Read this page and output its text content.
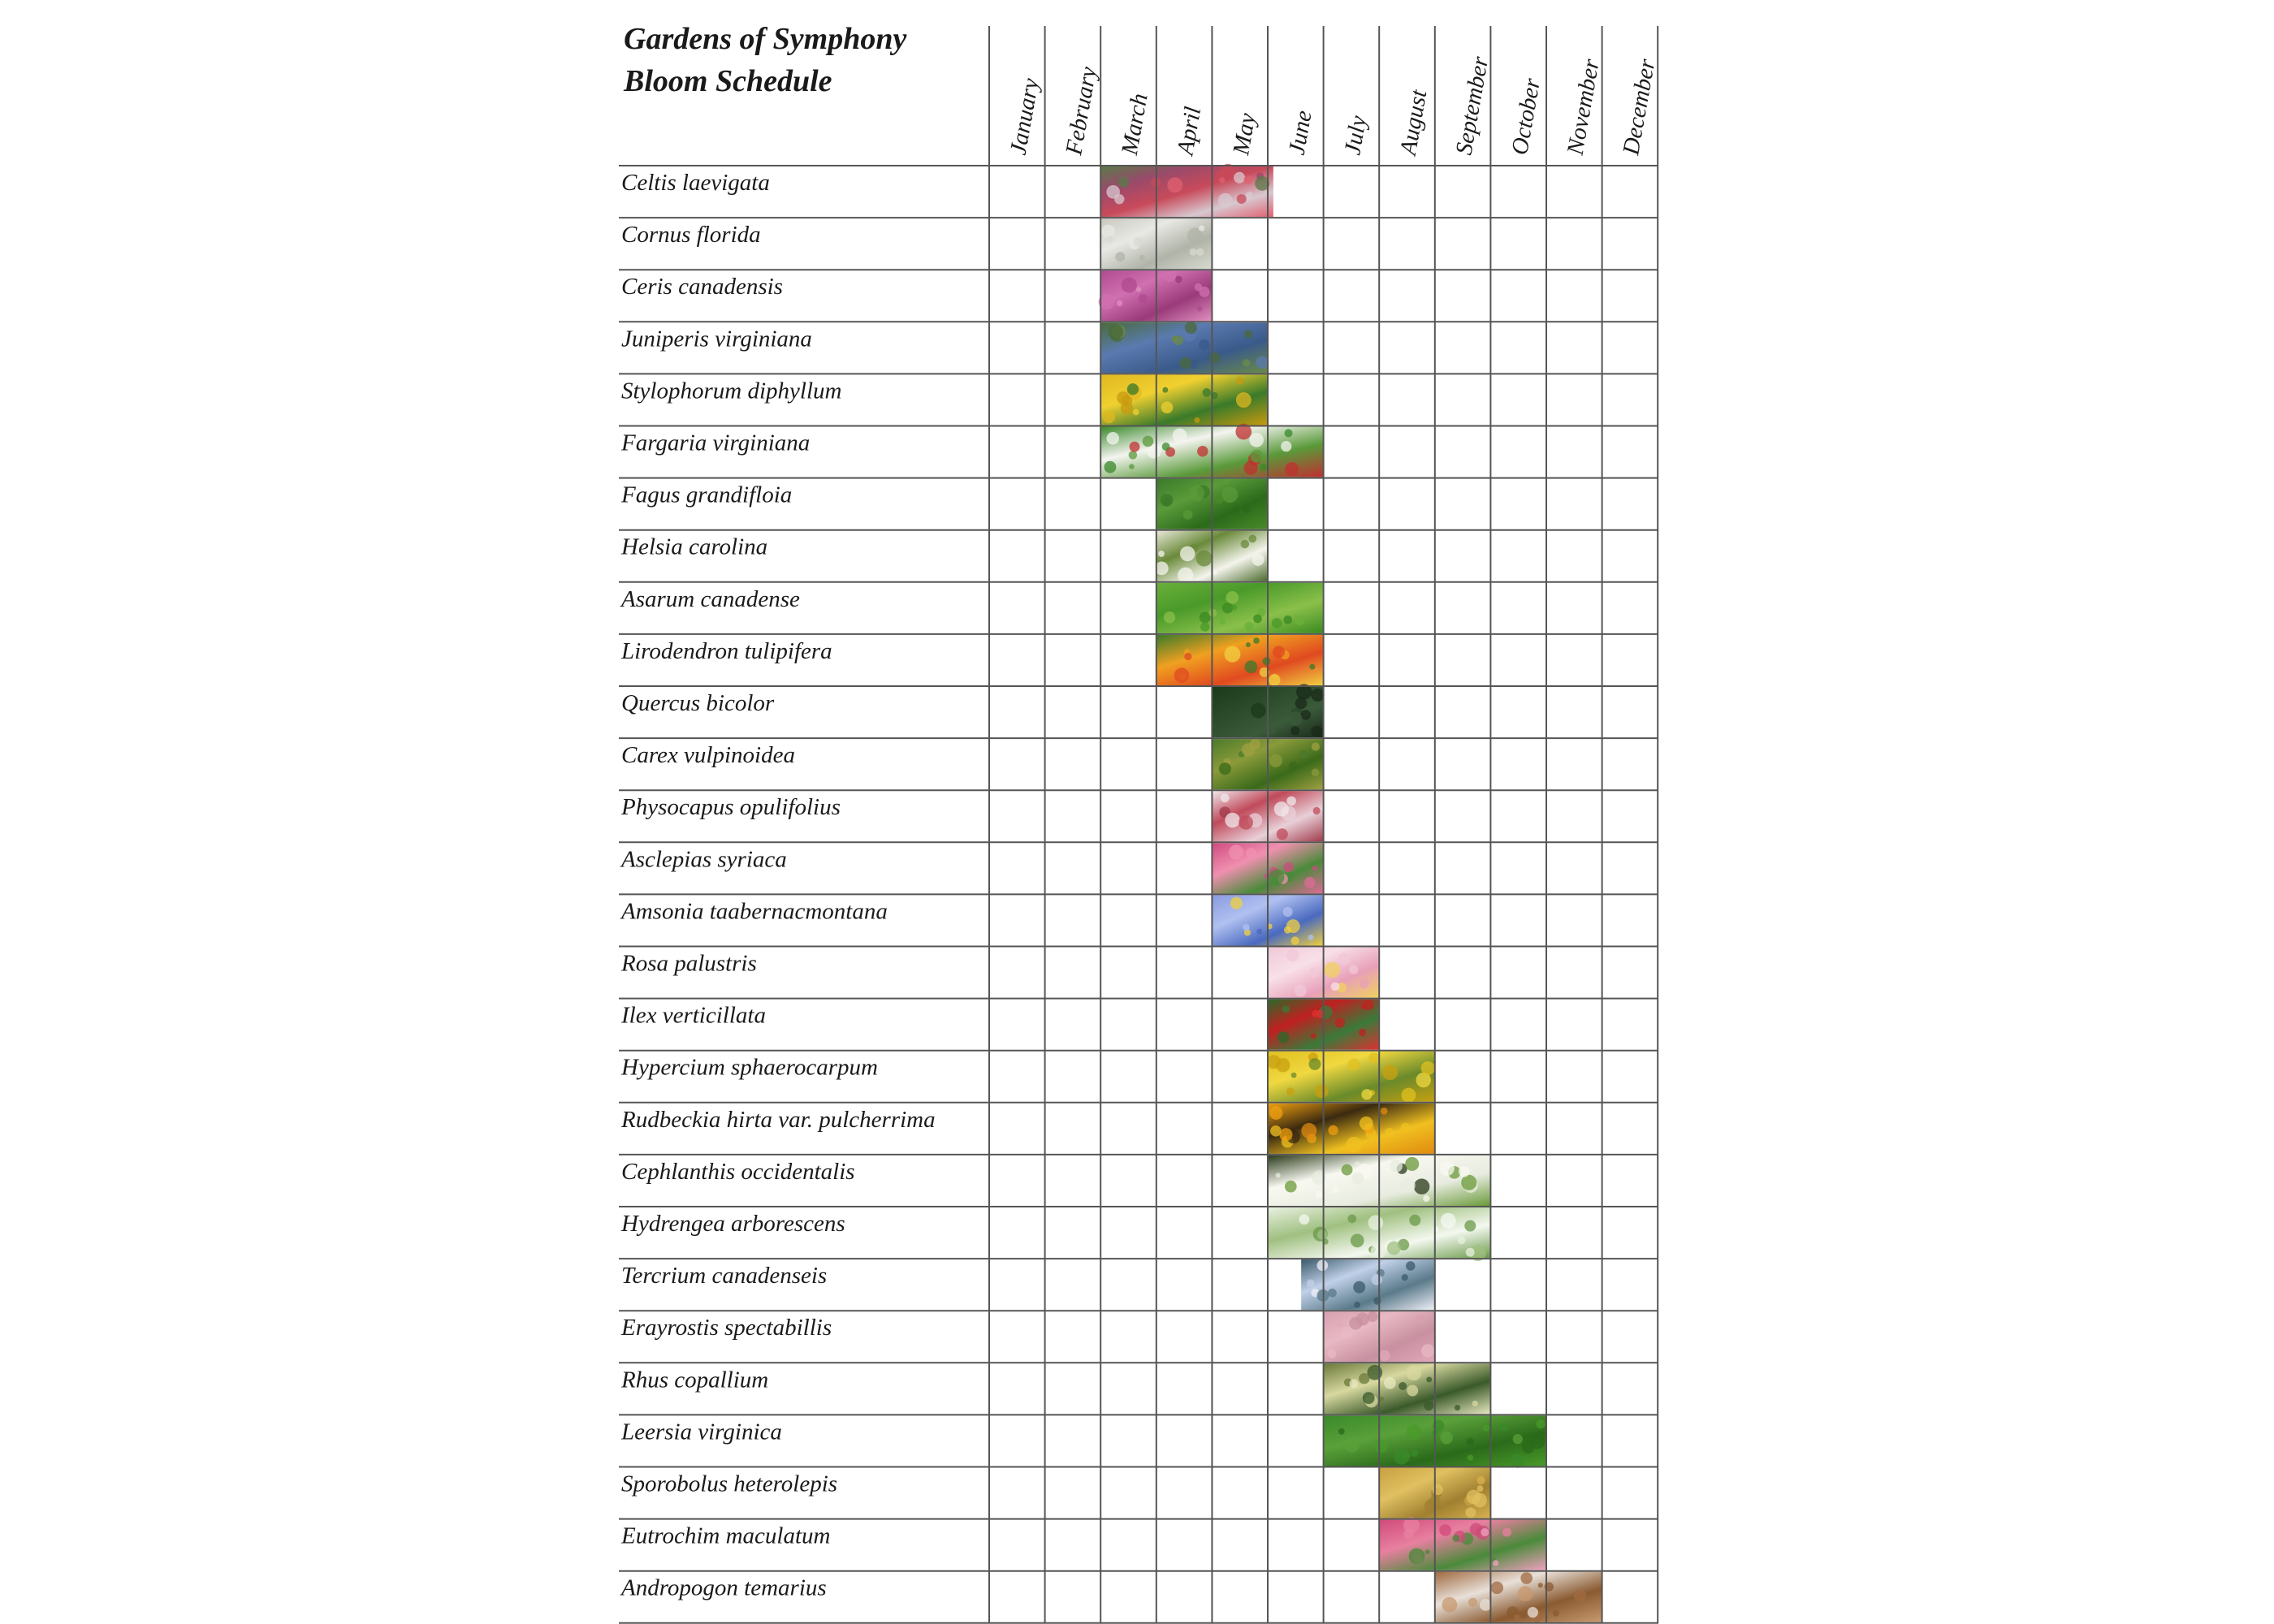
Gardens of Symphony
Bloom Schedule	January February March April May June July August September October November December
Celtis laevigata
Cornus florida
Ceris canadensis
Juniperis virginiana
Stylophorum diphyllum
Fargaria virginiana
Fagus grandifloia
Helsia carolina
Asarum canadense
Lirodendron tulipifera
Quercus bicolor
Carex vulpinoidea
Physocapus opulifolius
Asclepias syriaca
Amsonia taabernacmontana
Rosa palustris
Ilex verticillata
Hypercium sphaerocarpum
Rudbeckia hirta var. pulcherrima
Cephlanthis occidentalis
Hydrengea arborescens
Tercrium canadenseis
Erayrostis spectabillis
Rhus copallium
Leersia virginica
Sporobolus heterolepis
Eutrochim maculatum
Andropogon temarius
